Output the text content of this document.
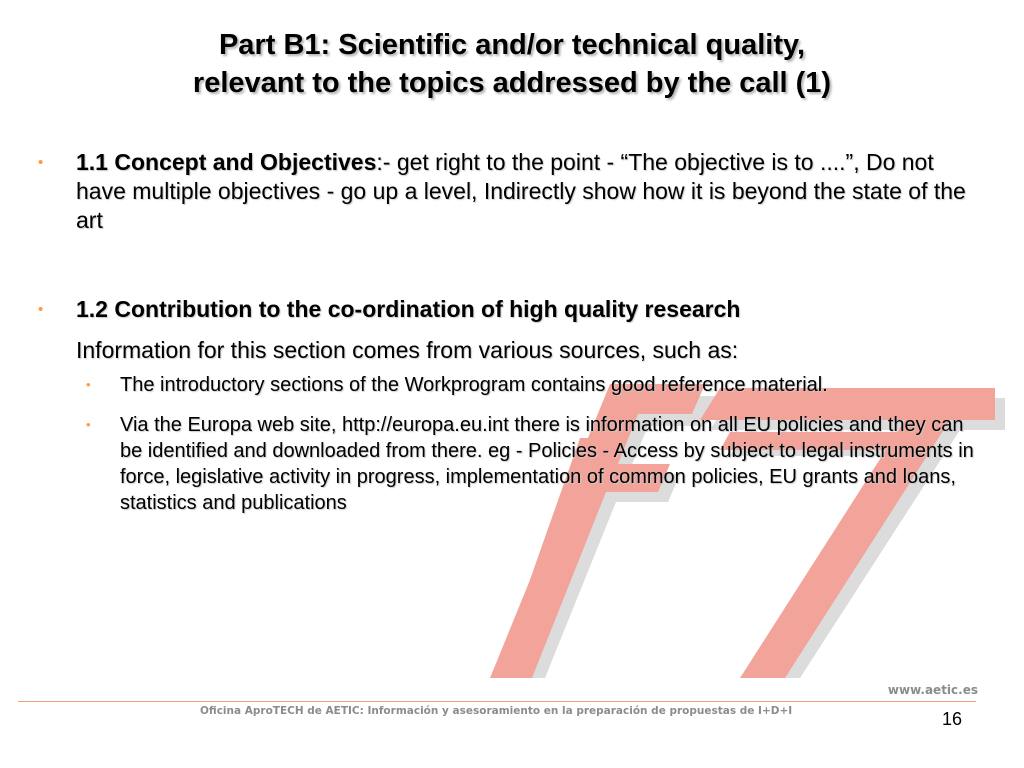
Part B1: Scientific and/or technical quality,
relevant to the topics addressed by the call (1)
•	1.1 Concept and Objectives:- get right to the point - “The objective is to ....”, Do not have multiple objectives - go up a level, Indirectly show how it is beyond the state of the art
•	1.2 Contribution to the co-ordination of high quality research
Information for this section comes from various sources, such as:
• The introductory sections of the Workprogram contains good reference material.
• Via the Europa web site, http://europa.eu.int there is information on all EU policies and they can be identified and downloaded from there. eg - Policies - Access by subject to legal instruments in force, legislative activity in progress, implementation of common policies, EU grants and loans, statistics and publications
www.aetic.es
Oficina AproTECH de AETIC: Información y asesoramiento en la preparación de propuestas de I+D+I	16
